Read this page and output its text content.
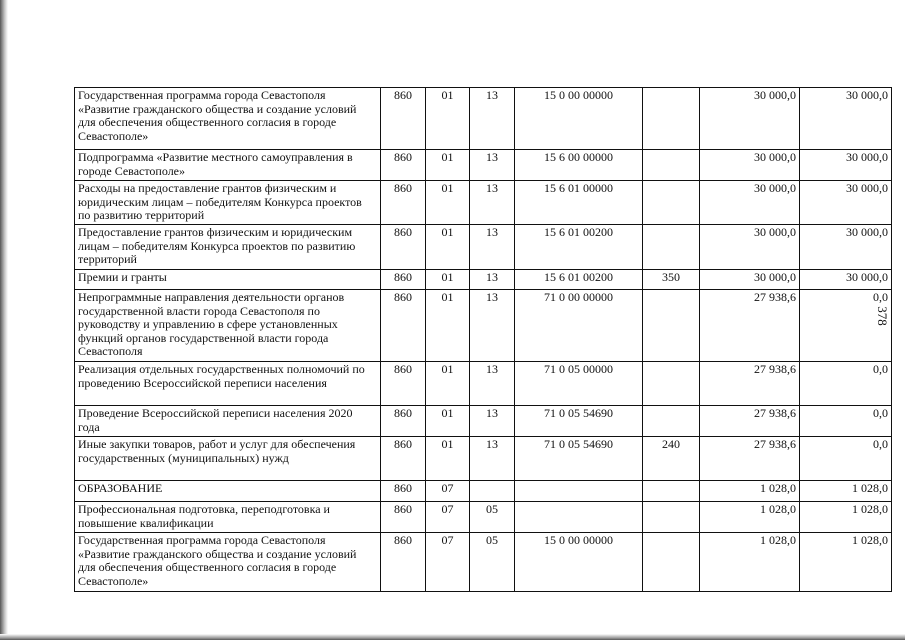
378
Государственная программа города Севастополя «Развитие гражданского общества и создание условий для обеспечения общественного согласия в городе Севастополе»	860	01	13	15 0 00 00000		30 000,0	30 000,0
Подпрограмма «Развитие местного самоуправления в городе Севастополе»	860	01	13	15 6 00 00000		30 000,0	30 000,0
Расходы на предоставление грантов физическим и юридическим лицам – победителям Конкурса проектов по развитию территорий	860	01	13	15 6 01 00000		30 000,0	30 000,0
Предоставление грантов физическим и юридическим лицам – победителям Конкурса проектов по развитию территорий	860	01	13	15 6 01 00200		30 000,0	30 000,0
Премии и гранты	860	01	13	15 6 01 00200	350	30 000,0	30 000,0
Непрограммные направления деятельности органов государственной власти города Севастополя по руководству и управлению в сфере установленных функций органов государственной власти города Севастополя	860	01	13	71 0 00 00000		27 938,6	0,0
Реализация отдельных государственных полномочий по проведению Всероссийской переписи населения	860	01	13	71 0 05 00000		27 938,6	0,0
Проведение Всероссийской переписи населения 2020 года	860	01	13	71 0 05 54690		27 938,6	0,0
Иные закупки товаров, работ и услуг для обеспечения государственных (муниципальных) нужд	860	01	13	71 0 05 54690	240	27 938,6	0,0
ОБРАЗОВАНИЕ	860	07				1 028,0	1 028,0
Профессиональная подготовка, переподготовка и повышение квалификации	860	07	05			1 028,0	1 028,0
Государственная программа города Севастополя «Развитие гражданского общества и создание условий для обеспечения общественного согласия в городе Севастополе»	860	07	05	15 0 00 00000		1 028,0	1 028,0
